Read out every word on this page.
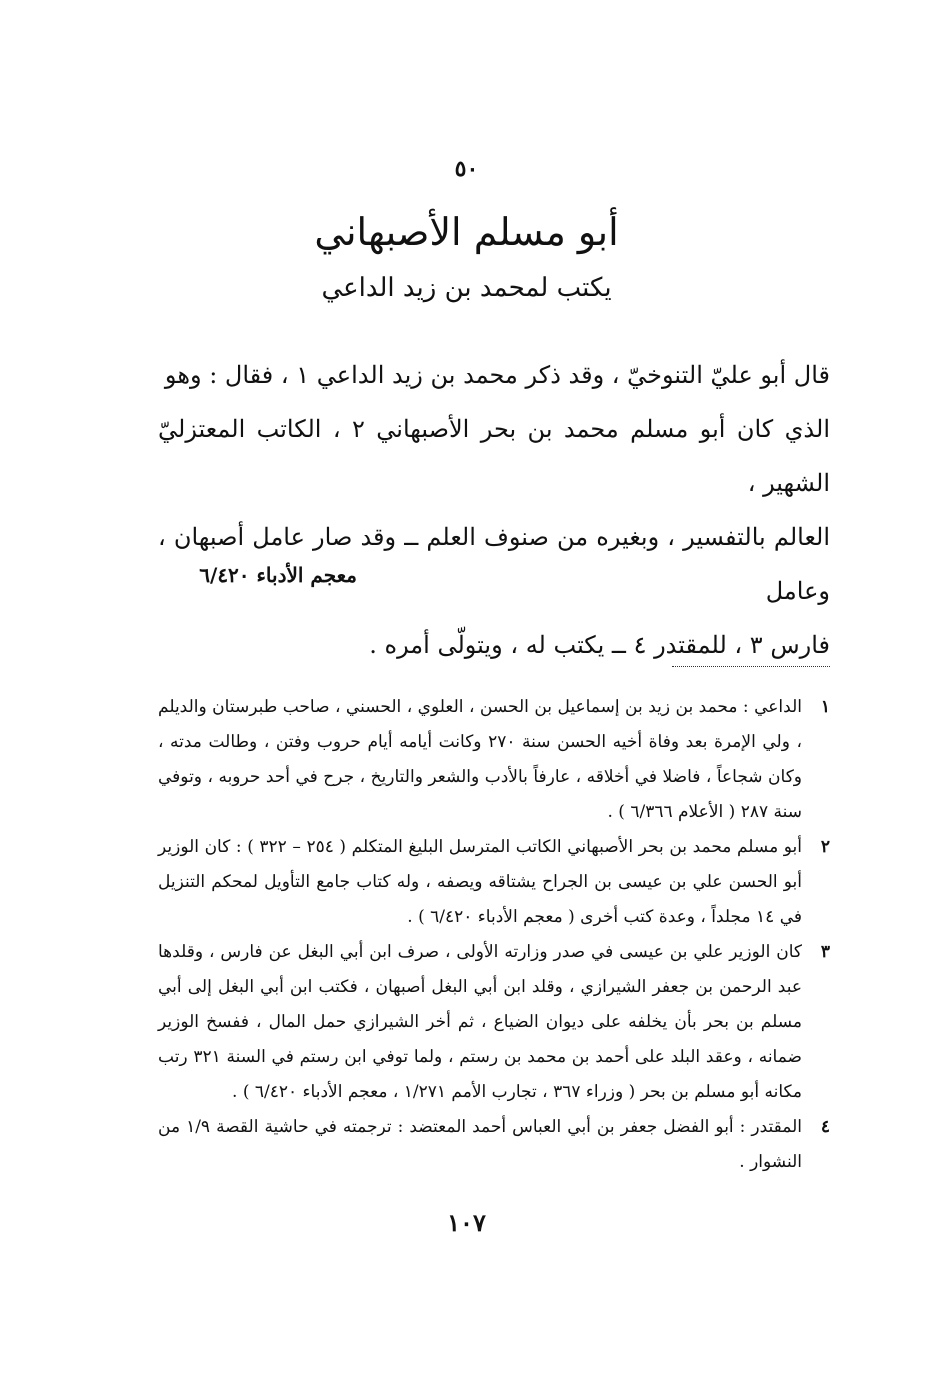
٥٠
أبو مسلم الأصبهاني
يكتب لمحمد بن زيد الداعي

قال أبو عليّ التنوخيّ ، وقد ذكر محمد بن زيد الداعي ١ ، فقال : وهو

الذي كان أبو مسلم محمد بن بحر الأصبهاني ٢ ، الكاتب المعتزليّ الشهير ،

العالم بالتفسير ، وبغيره من صنوف العلم ــ وقد صار عامل أصبهان ، وعامل

فارس ٣ ، للمقتدر ٤ ــ يكتب له ، ويتولّى أمره .

معجم الأدباء ٦/٤٢٠
١
الداعي : محمد بن زيد بن إسماعيل بن الحسن ، العلوي ، الحسني ، صاحب طبرستان والديلم ، ولي الإمرة بعد وفاة أخيه الحسن سنة ٢٧٠ وكانت أيامه أيام حروب وفتن ، وطالت مدته ، وكان شجاعاً ، فاضلا في أخلاقه ، عارفاً بالأدب والشعر والتاريخ ، جرح في أحد حروبه ، وتوفي سنة ٢٨٧ ( الأعلام ٦/٣٦٦ ) .
٢
أبو مسلم محمد بن بحر الأصبهاني الكاتب المترسل البليغ المتكلم ( ٢٥٤ – ٣٢٢ ) : كان الوزير أبو الحسن علي بن عيسى بن الجراح يشتاقه ويصفه ، وله كتاب جامع التأويل لمحكم التنزيل في ١٤ مجلداً ، وعدة كتب أخرى ( معجم الأدباء ٦/٤٢٠ ) .
٣
كان الوزير علي بن عيسى في صدر وزارته الأولى ، صرف ابن أبي البغل عن فارس ، وقلدها عبد الرحمن بن جعفر الشيرازي ، وقلد ابن أبي البغل أصبهان ، فكتب ابن أبي البغل إلى أبي مسلم بن بحر بأن يخلفه على ديوان الضياع ، ثم أخر الشيرازي حمل المال ، ففسخ الوزير ضمانه ، وعقد البلد على أحمد بن محمد بن رستم ، ولما توفي ابن رستم في السنة ٣٢١ رتب مكانه أبو مسلم بن بحر ( وزراء ٣٦٧ ، تجارب الأمم ١/٢٧١ ، معجم الأدباء ٦/٤٢٠ ) .
٤
المقتدر : أبو الفضل جعفر بن أبي العباس أحمد المعتضد : ترجمته في حاشية القصة ١/٩ من النشوار .
١٠٧
